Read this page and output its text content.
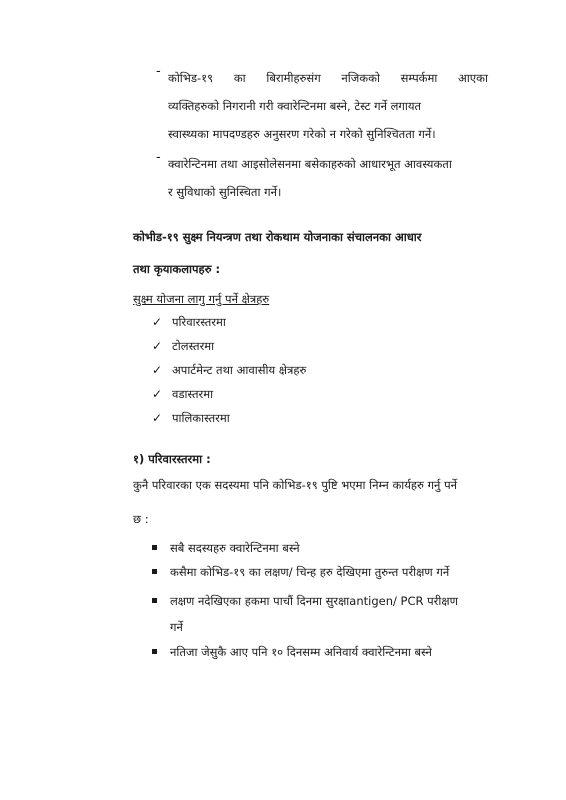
- कोभिड-१९ का बिरामीहरुसंग नजिकको सम्पर्कमा आएका
व्यक्तिहरुको निगरानी गरी क्वारेन्टिनमा बस्ने, टेस्ट गर्ने लगायत
स्वास्थ्यका मापदण्डहरु अनुसरण गरेको न गरेको सुनिश्चितता गर्ने।
- क्वारेन्टिनमा तथा आइसोलेसनमा बसेकाहरुको आधारभूत आवस्यकता
र सुविधाको सुनिस्चिता गर्ने।
कोभीड-१९ सुक्ष्म नियन्त्रण तथा रोकथाम योजनाका संचालनका आधार
तथा कृयाकलापहरु :
सुक्ष्म योजना लागु गर्नु पर्ने क्षेत्रहरु
✓ परिवारस्तरमा
✓ टोलस्तरमा
✓ अपार्टमेन्ट तथा आवासीय क्षेत्रहरु
✓ वडास्तरमा
✓ पालिकास्तरमा
१) परिवारस्तरमा :
कुनै परिवारका एक सदस्यमा पनि कोभिड-१९ पुष्टि भएमा निम्न कार्यहरु गर्नु पर्ने
छ :
सबै सदस्यहरु क्वारेन्टिनमा बस्ने
कसैमा कोभिड-१९ का लक्षण/ चिन्ह हरु देखिएमा तुरुन्त परीक्षण गर्ने
लक्षण नदेखिएका हकमा पाचौं दिनमा सुरक्षाantigen/ PCR परीक्षण
गर्ने
नतिजा जेसुकै आए पनि १० दिनसम्म अनिवार्य क्वारेन्टिनमा बस्ने
